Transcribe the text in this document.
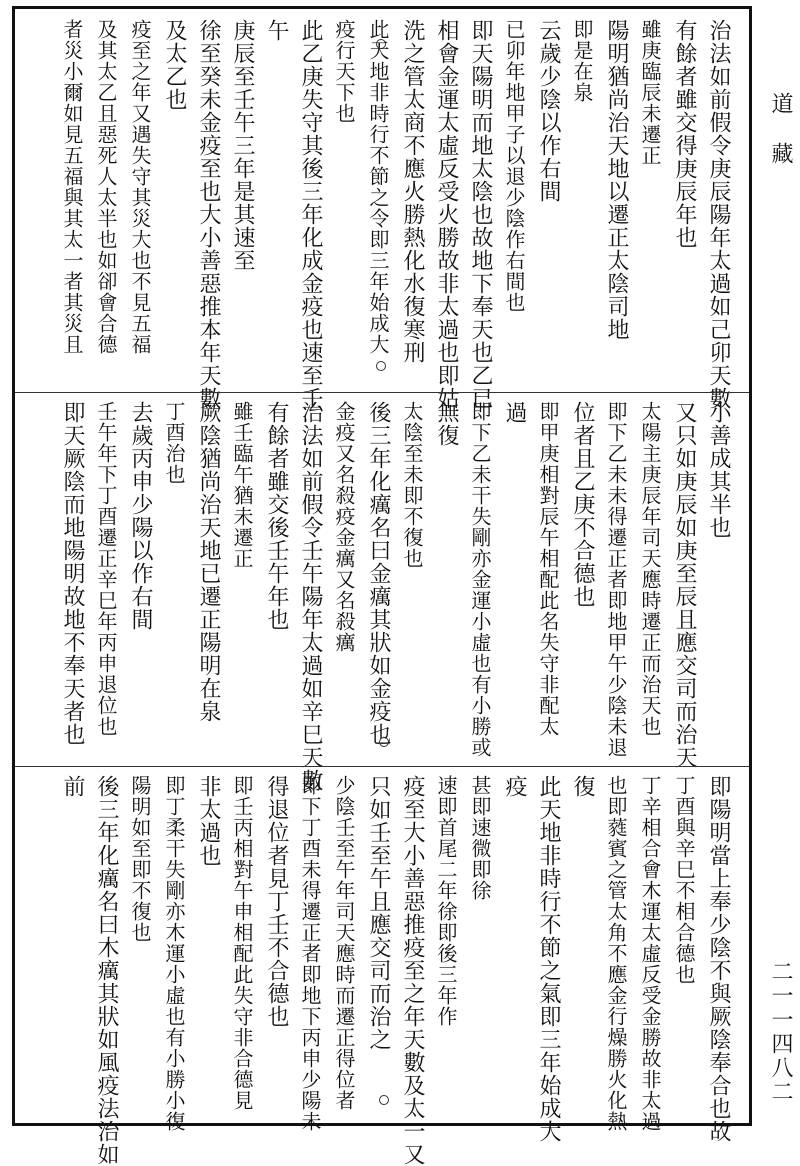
治法如前假令庚辰陽年太過如己卯天數
有餘者雖交得庚辰年也
雖庚臨辰未遷正
陽明猶尚治天地以遷正太陰司地
即是在泉
云歲少陰以作右間
已卯年地甲子以退少陰作右間也
即天陽明而地太陰也故地下奉天也乙已
相會金運太虛反受火勝故非太過也即姑
洗之管太商不應火勝熱化水復寒刑
此天地非時行不節之令即三年始成大
疫行天下也
此乙庚失守其後三年化成金疫也速至壬
午
庚辰至壬午三年是其速至
徐至癸未金疫至也大小善惡推本年天數
及太乙也
疫至之年又遇失守其災大也不見五福
及其太乙且惡死人太半也如卻會合德
者災小爾如見五福與其太一者其災且
小善成其半也
又只如庚辰如庚至辰且應交司而治天
太陽主庚辰年司天應時遷正而治天也
即下乙未未得遷正者即地甲午少陰未退
位者且乙庚不合德也
即甲庚相對辰午相配此名失守非配太
過
即下乙未干失剛亦金運小虛也有小勝或
無復
太陰至未即不復也
後三年化癘名曰金癘其狀如金疫也
金疫又名殺疫金癘又名殺癘
治法如前假令壬午陽年太過如辛巳天數
有餘者雖交後壬午年也
雖壬臨午猶未遷正
厥陰猶尚治天地已遷正陽明在泉
丁酉治也
去歲丙申少陽以作右間
壬午年下丁酉遷正辛巳年丙申退位也
即天厥陰而地陽明故地不奉天者也
即陽明當上奉少陰不與厥陰奉合也故
丁酉與辛巳不相合德也
丁辛相合會木運太虛反受金勝故非太過
也即蕤賓之管太角不應金行燥勝火化熱
復
此天地非時行不節之氣即三年始成大
疫
甚即速微即徐
速即首尾二年徐即後三年作
疫至大小善惡推疫至之年天數及太一又
只如壬至午且應交司而治之
少陰壬至午年司天應時而遷正得位者
即下丁酉未得遷正者即地下丙申少陽未
得退位者見丁壬不合德也
即壬丙相對午申相配此失守非合德見
非太過也
即丁柔干失剛亦木運小虛也有小勝小復
陽明如至即不復也
後三年化癘名曰木癘其狀如風疫法治如
前
道藏
二一一四八二
